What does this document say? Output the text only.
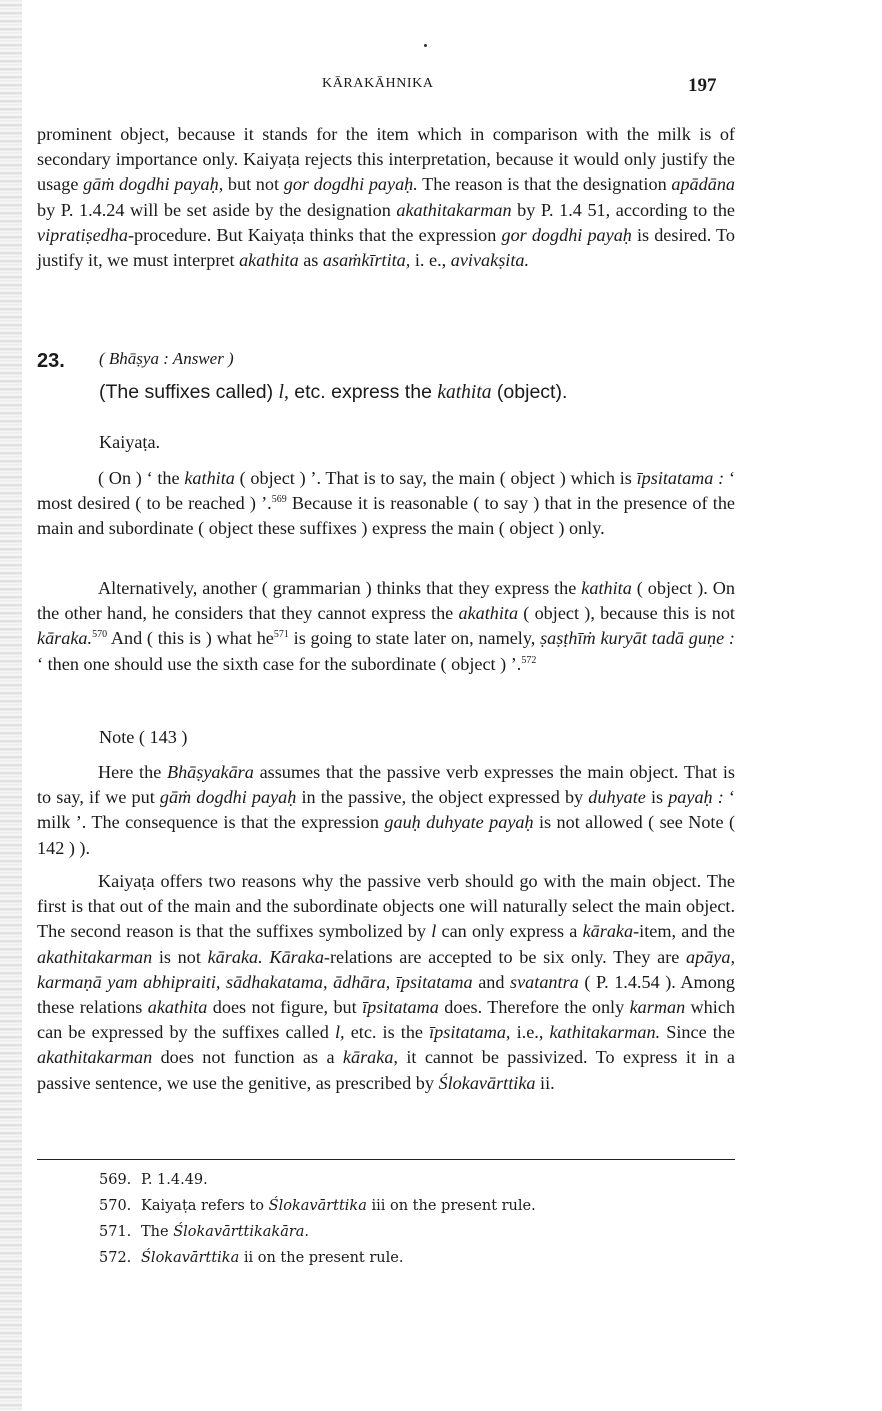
KĀRAKĀHNIKA	197

prominent object, because it stands for the item which in comparison with the milk is of secondary importance only. Kaiyaṭa rejects this interpretation, because it would only justify the usage gāṁ dogdhi payaḥ, but not gor dogdhi payaḥ. The reason is that the designation apādāna by P. 1.4.24 will be set aside by the designation akathitakarman by P. 1.4 51, according to the vipratiṣedha-procedure. But Kaiyaṭa thinks that the expression gor dogdhi payaḥ is desired. To justify it, we must interpret akathita as asaṁkīrtita, i. e., avivakṣita.

23. ( Bhāṣya : Answer )
(The suffixes called) l, etc. express the kathita (object).
Kaiyaṭa.

( On ) ‘ the kathita ( object ) ’. That is to say, the main ( object ) which is īpsitatama : ‘ most desired ( to be reached ) ’.$^{569}$ Because it is reasonable ( to say ) that in the presence of the main and subordinate ( object these suffixes ) express the main ( object ) only.

Alternatively, another ( grammarian ) thinks that they express the kathita ( object ). On the other hand, he considers that they cannot express the akathita ( object ), because this is not kāraka.$^{570}$ And ( this is ) what $he^{571}$ is going to state later on, namely, ṣaṣṭhīṁ kuryāt tadā guṇe : ‘ then one should use the sixth case for the subordinate ( object ) ’.$^{572}$

Note ( 143 )

Here the Bhāṣyakāra assumes that the passive verb expresses the main object. That is to say, if we put gāṁ dogdhi payaḥ in the passive, the object expressed by duhyate is payaḥ : ‘ milk ’. The consequence is that the expression gauḥ duhyate payaḥ is not allowed ( see Note ( 142 ) ).

Kaiyaṭa offers two reasons why the passive verb should go with the main object. The first is that out of the main and the subordinate objects one will naturally select the main object. The second reason is that the suffixes symbolized by l can only express a kāraka-item, and the akathitakarman is not kāraka. Kāraka-relations are accepted to be six only. They are apāya, karmaṇā yam abhipraiti, sādhakatama, ādhāra, īpsitatama and svatantra ( P. 1.4.54 ). Among these relations akathita does not figure, but īpsitatama does. Therefore the only karman which can be expressed by the suffixes called l, etc. is the īpsitatama, i.e., kathitakarman. Since the akathitakarman does not function as a kāraka, it cannot be passivized. To express it in a passive sentence, we use the genitive, as prescribed by Ślokavārttika ii.

569. P. 1.4.49.
570. Kaiyaṭa refers to Ślokavārttika iii on the present rule.
571. The Ślokavārttikakāra.
572. Ślokavārttika ii on the present rule.
